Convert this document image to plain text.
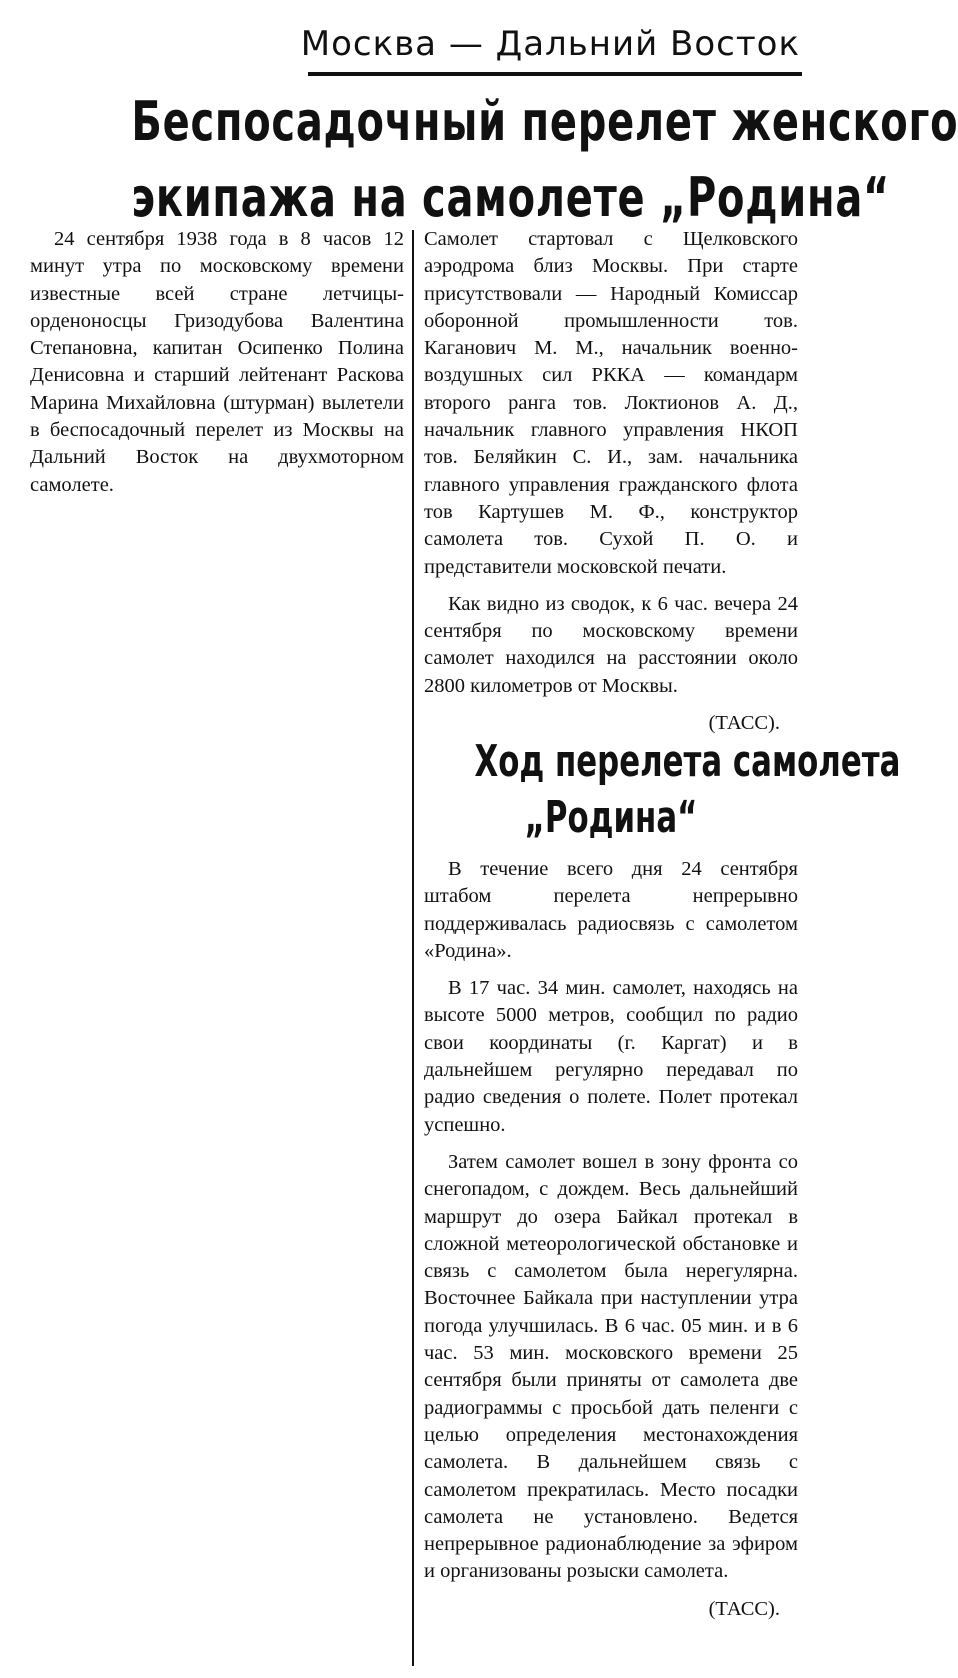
Москва — Дальний Восток
Беспосадочный перелет женского
экипажа на самолете „Родина“

24 сентября 1938 года в 8 часов 12 минут утра по московскому времени известные всей стране летчицы-орденоносцы Гризодубова Валентина Степановна, капитан Осипенко Полина Денисовна и старший лейтенант Раскова Марина Михайловна (штурман) вылетели в беспосадочный перелет из Москвы на Дальний Восток на двухмоторном самолете.

Самолет стартовал с Щелковского аэродрома близ Москвы. При старте присутствовали — Народный Комиссар оборонной промышленности тов. Каганович М. М., начальник военно-воздушных сил РККА — командарм второго ранга тов. Локтионов А. Д., начальник главного управления НКОП тов. Беляйкин С. И., зам. начальника главного управления гражданского флота тов Картушев М. Ф., конструктор самолета тов. Сухой П. О. и представители московской печати.

Как видно из сводок, к 6 час. вечера 24 сентября по московскому времени самолет находился на расстоянии около 2800 километров от Москвы.

(ТАСС).
Ход перелета самолета
„Родина“

В течение всего дня 24 сентября штабом перелета непрерывно поддерживалась радиосвязь с самолетом «Родина».

В 17 час. 34 мин. самолет, находясь на высоте 5000 метров, сообщил по радио свои координаты (г. Каргат) и в дальнейшем регулярно передавал по радио сведения о полете. Полет протекал успешно.

Затем самолет вошел в зону фронта со снегопадом, с дождем. Весь дальнейший маршрут до озера Байкал протекал в сложной метеорологической обстановке и связь с самолетом была нерегулярна. Восточнее Байкала при наступлении утра погода улучшилась. В 6 час. 05 мин. и в 6 час. 53 мин. московского времени 25 сентября были приняты от самолета две радиограммы с просьбой дать пеленги с целью определения местонахождения самолета. В дальнейшем связь с самолетом прекратилась. Место посадки самолета не установлено. Ведется непрерывное радионаблюдение за эфиром и организованы розыски самолета.

(ТАСС).
